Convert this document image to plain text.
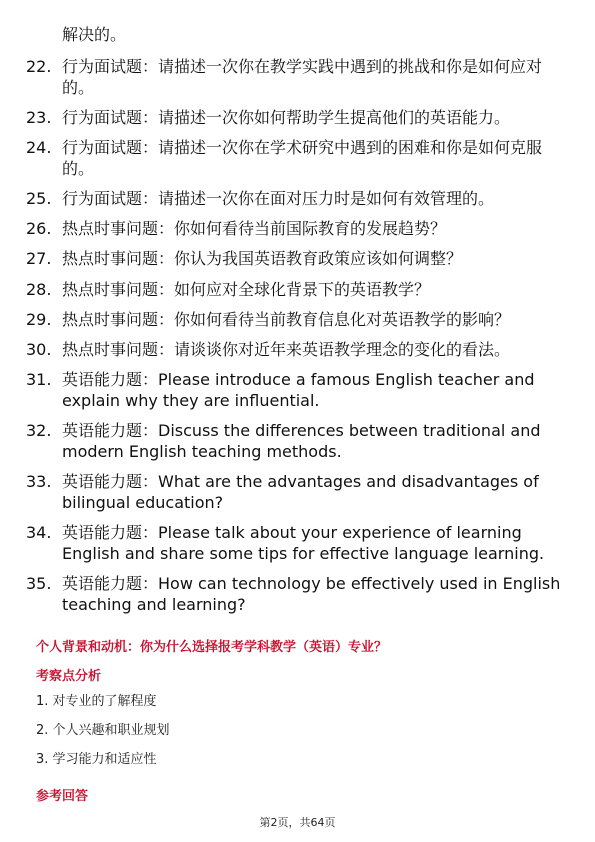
解决的。
22. 行为面试题：请描述一次你在教学实践中遇到的挑战和你是如何应对的。
23. 行为面试题：请描述一次你如何帮助学生提高他们的英语能力。
24. 行为面试题：请描述一次你在学术研究中遇到的困难和你是如何克服的。
25. 行为面试题：请描述一次你在面对压力时是如何有效管理的。
26. 热点时事问题：你如何看待当前国际教育的发展趋势？
27. 热点时事问题：你认为我国英语教育政策应该如何调整？
28. 热点时事问题：如何应对全球化背景下的英语教学？
29. 热点时事问题：你如何看待当前教育信息化对英语教学的影响？
30. 热点时事问题：请谈谈你对近年来英语教学理念的变化的看法。
31. 英语能力题：Please introduce a famous English teacher and explain why they are influential.
32. 英语能力题：Discuss the differences between traditional and modern English teaching methods.
33. 英语能力题：What are the advantages and disadvantages of bilingual education?
34. 英语能力题：Please talk about your experience of learning English and share some tips for effective language learning.
35. 英语能力题：How can technology be effectively used in English teaching and learning?
个人背景和动机：你为什么选择报考学科教学（英语）专业？
考察点分析
1. 对专业的了解程度
2. 个人兴趣和职业规划
3. 学习能力和适应性
参考回答
第2页，共64页
